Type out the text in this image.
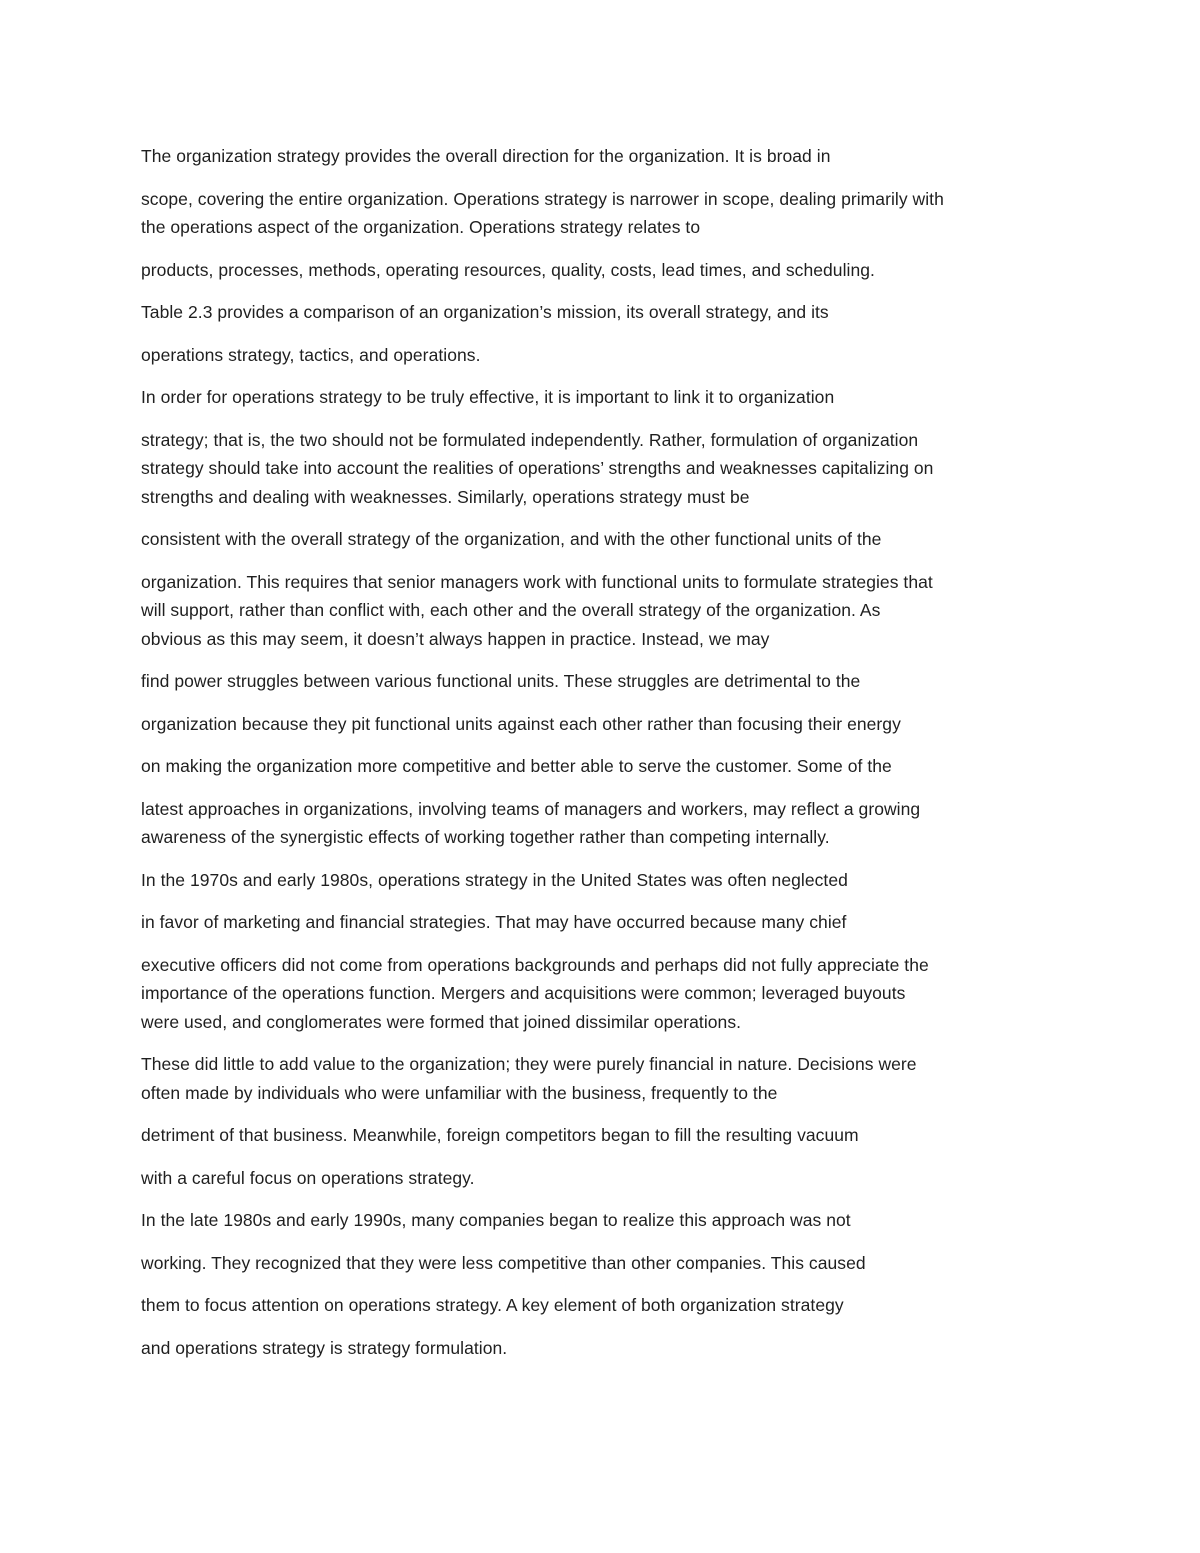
The organization strategy provides the overall direction for the organization. It is broad in

scope, covering the entire organization. Operations strategy is narrower in scope, dealing primarily with
the operations aspect of the organization. Operations strategy relates to

products, processes, methods, operating resources, quality, costs, lead times, and scheduling.

Table 2.3 provides a comparison of an organization’s mission, its overall strategy, and its

operations strategy, tactics, and operations.

In order for operations strategy to be truly effective, it is important to link it to organization

strategy; that is, the two should not be formulated independently. Rather, formulation of organization
strategy should take into account the realities of operations’ strengths and weaknesses capitalizing on
strengths and dealing with weaknesses. Similarly, operations strategy must be

consistent with the overall strategy of the organization, and with the other functional units of the

organization. This requires that senior managers work with functional units to formulate strategies that
will support, rather than conflict with, each other and the overall strategy of the organization. As
obvious as this may seem, it doesn’t always happen in practice. Instead, we may

find power struggles between various functional units. These struggles are detrimental to the

organization because they pit functional units against each other rather than focusing their energy

on making the organization more competitive and better able to serve the customer. Some of the

latest approaches in organizations, involving teams of managers and workers, may reflect a growing
awareness of the synergistic effects of working together rather than competing internally.

In the 1970s and early 1980s, operations strategy in the United States was often neglected

in favor of marketing and financial strategies. That may have occurred because many chief

executive officers did not come from operations backgrounds and perhaps did not fully appreciate the
importance of the operations function. Mergers and acquisitions were common; leveraged buyouts
were used, and conglomerates were formed that joined dissimilar operations.

These did little to add value to the organization; they were purely financial in nature. Decisions were
often made by individuals who were unfamiliar with the business, frequently to the

detriment of that business. Meanwhile, foreign competitors began to fill the resulting vacuum

with a careful focus on operations strategy.

In the late 1980s and early 1990s, many companies began to realize this approach was not

working. They recognized that they were less competitive than other companies. This caused

them to focus attention on operations strategy. A key element of both organization strategy

and operations strategy is strategy formulation.
